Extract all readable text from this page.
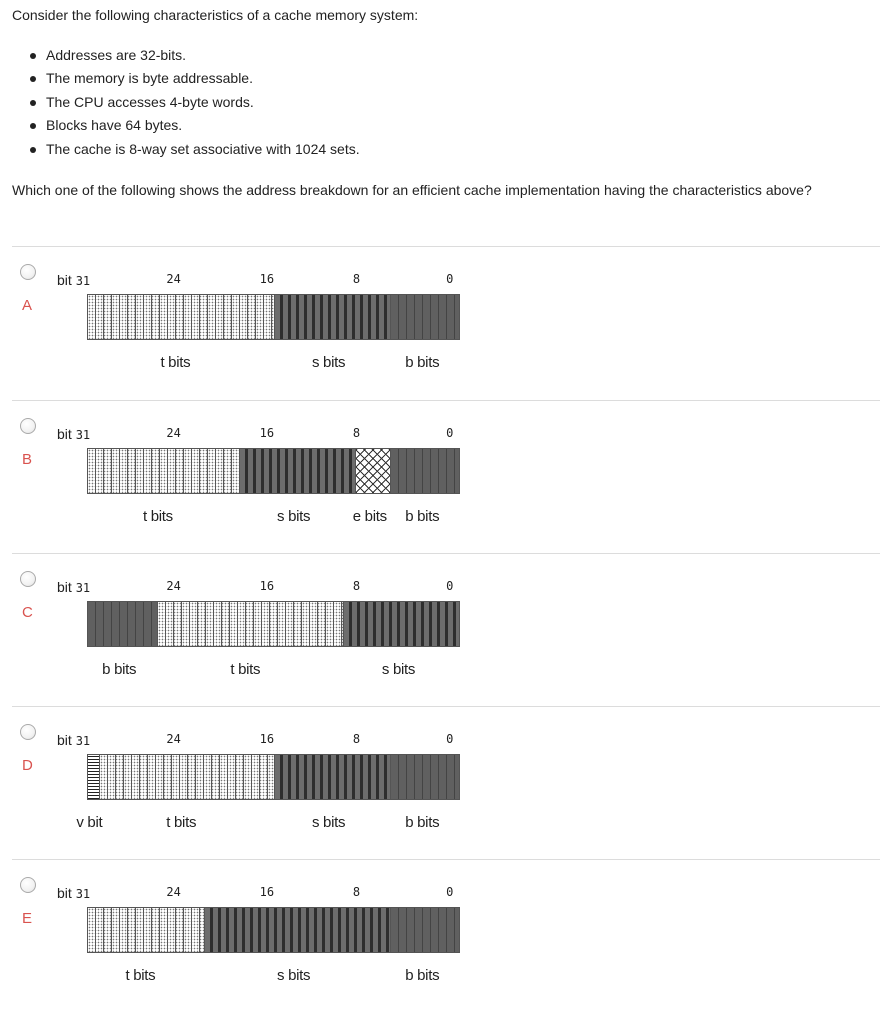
Consider the following characteristics of a cache memory system:
Addresses are 32-bits.
The memory is byte addressable.
The CPU accesses 4-byte words.
Blocks have 64 bytes.
The cache is 8-way set associative with 1024 sets.
Which one of the following shows the address breakdown for an efficient cache implementation having the characteristics above?
A
bit 31	24	16	8	0
t bits	s bits	b bits
B
bit 31	24	16	8	0
t bits	s bits	e bits b bits
C
bit 31	24	16	8	0
b bits	t bits	s bits
D
bit 31	24	16	8	0
v bit	t bits	s bits	b bits
E
bit 31	24	16	8	0
t bits	s bits	b bits
